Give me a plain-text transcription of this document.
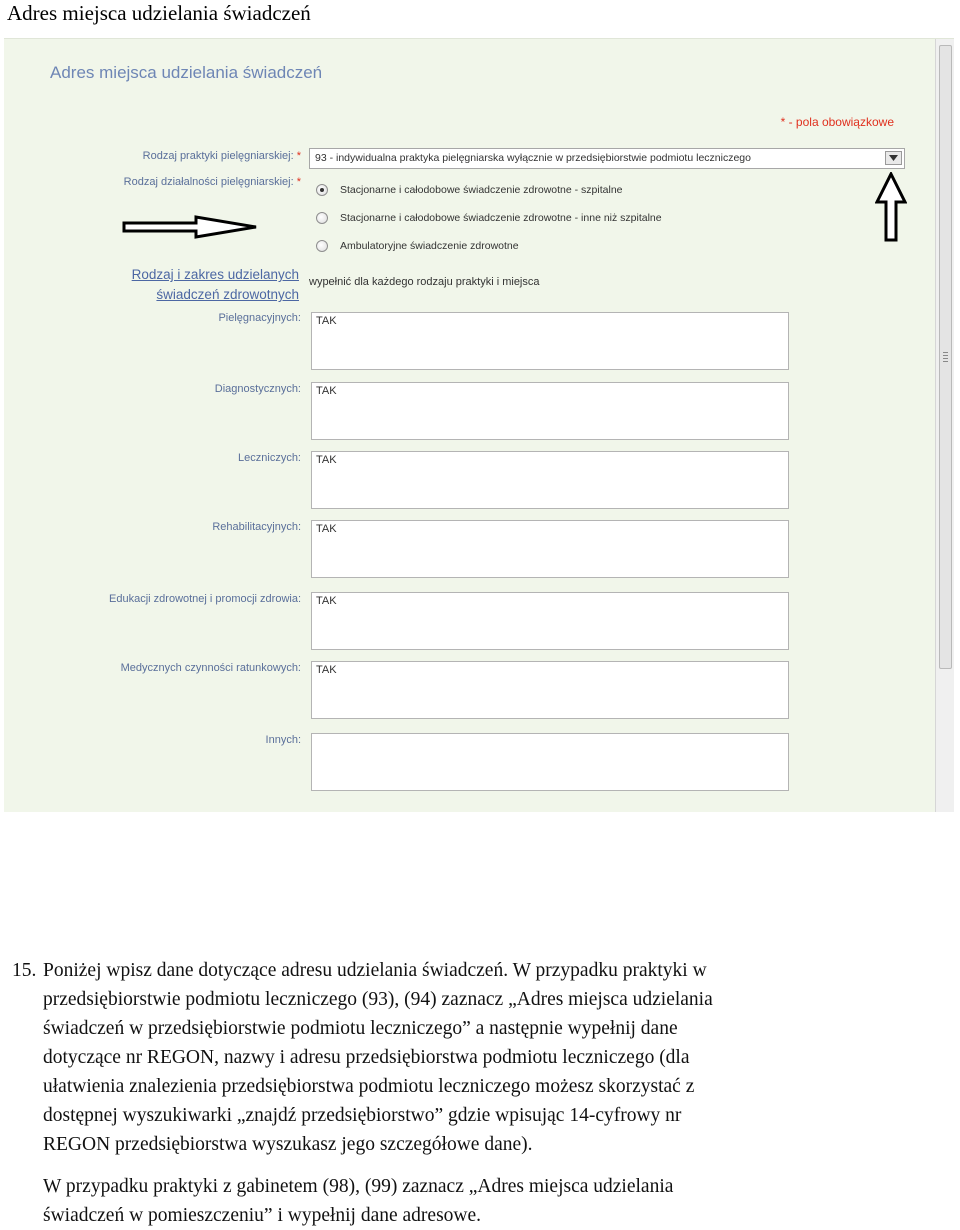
Adres miejsca udzielania świadczeń
Adres miejsca udzielania świadczeń
* - pola obowiązkowe
Rodzaj praktyki pielęgniarskiej: *
Rodzaj działalności pielęgniarskiej: *
93 - indywidualna praktyka pielęgniarska wyłącznie w przedsiębiorstwie podmiotu leczniczego
Stacjonarne i całodobowe świadczenie zdrowotne - szpitalne
Stacjonarne i całodobowe świadczenie zdrowotne - inne niż szpitalne
Ambulatoryjne świadczenie zdrowotne
Rodzaj i zakres udzielanych
świadczeń zdrowotnych
wypełnić dla każdego rodzaju praktyki i miejsca
Pielęgnacyjnych: TAK
Diagnostycznych: TAK
Leczniczych: TAK
Rehabilitacyjnych: TAK
Edukacji zdrowotnej i promocji zdrowia: TAK
Medycznych czynności ratunkowych: TAK
Innych:
15. Poniżej wpisz dane dotyczące adresu udzielania świadczeń. W przypadku praktyki w
przedsiębiorstwie podmiotu leczniczego (93), (94) zaznacz „Adres miejsca udzielania
świadczeń w przedsiębiorstwie podmiotu leczniczego” a następnie wypełnij dane
dotyczące nr REGON, nazwy i adresu przedsiębiorstwa podmiotu leczniczego (dla
ułatwienia znalezienia przedsiębiorstwa podmiotu leczniczego możesz skorzystać z
dostępnej wyszukiwarki „znajdź przedsiębiorstwo” gdzie wpisując 14-cyfrowy nr
REGON przedsiębiorstwa wyszukasz jego szczegółowe dane).
W przypadku praktyki z gabinetem (98), (99) zaznacz „Adres miejsca udzielania
świadczeń w pomieszczeniu” i wypełnij dane adresowe.
